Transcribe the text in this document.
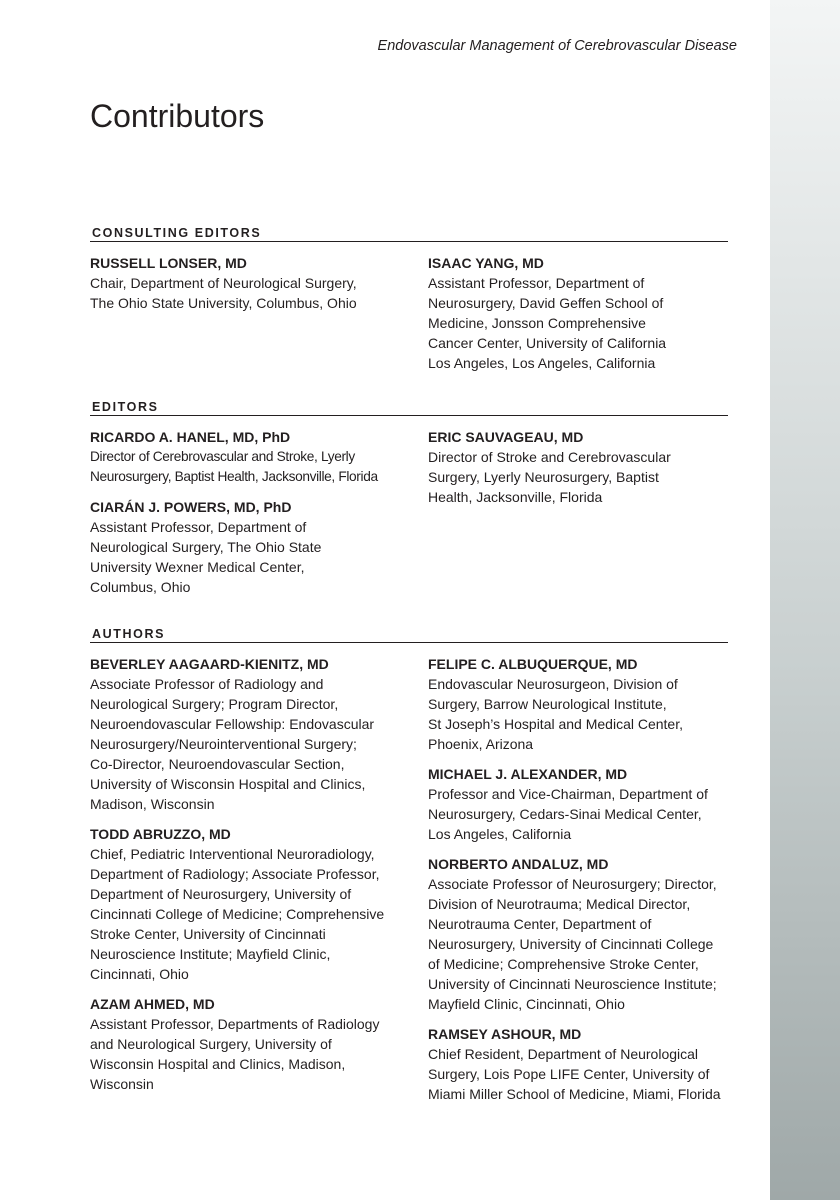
Endovascular Management of Cerebrovascular Disease
Contributors
CONSULTING EDITORS
RUSSELL LONSER, MD
Chair, Department of Neurological Surgery,
The Ohio State University, Columbus, Ohio
ISAAC YANG, MD
Assistant Professor, Department of
Neurosurgery, David Geffen School of
Medicine, Jonsson Comprehensive
Cancer Center, University of California
Los Angeles, Los Angeles, California
EDITORS
RICARDO A. HANEL, MD, PhD
Director of Cerebrovascular and Stroke, Lyerly
Neurosurgery, Baptist Health, Jacksonville, Florida
CIARÁN J. POWERS, MD, PhD
Assistant Professor, Department of
Neurological Surgery, The Ohio State
University Wexner Medical Center,
Columbus, Ohio
ERIC SAUVAGEAU, MD
Director of Stroke and Cerebrovascular
Surgery, Lyerly Neurosurgery, Baptist
Health, Jacksonville, Florida
AUTHORS
BEVERLEY AAGAARD-KIENITZ, MD
Associate Professor of Radiology and
Neurological Surgery; Program Director,
Neuroendovascular Fellowship: Endovascular
Neurosurgery/Neurointerventional Surgery;
Co-Director, Neuroendovascular Section,
University of Wisconsin Hospital and Clinics,
Madison, Wisconsin
TODD ABRUZZO, MD
Chief, Pediatric Interventional Neuroradiology,
Department of Radiology; Associate Professor,
Department of Neurosurgery, University of
Cincinnati College of Medicine; Comprehensive
Stroke Center, University of Cincinnati
Neuroscience Institute; Mayfield Clinic,
Cincinnati, Ohio
AZAM AHMED, MD
Assistant Professor, Departments of Radiology
and Neurological Surgery, University of
Wisconsin Hospital and Clinics, Madison,
Wisconsin
FELIPE C. ALBUQUERQUE, MD
Endovascular Neurosurgeon, Division of
Surgery, Barrow Neurological Institute,
St Joseph’s Hospital and Medical Center,
Phoenix, Arizona
MICHAEL J. ALEXANDER, MD
Professor and Vice-Chairman, Department of
Neurosurgery, Cedars-Sinai Medical Center,
Los Angeles, California
NORBERTO ANDALUZ, MD
Associate Professor of Neurosurgery; Director,
Division of Neurotrauma; Medical Director,
Neurotrauma Center, Department of
Neurosurgery, University of Cincinnati College
of Medicine; Comprehensive Stroke Center,
University of Cincinnati Neuroscience Institute;
Mayfield Clinic, Cincinnati, Ohio
RAMSEY ASHOUR, MD
Chief Resident, Department of Neurological
Surgery, Lois Pope LIFE Center, University of
Miami Miller School of Medicine, Miami, Florida
